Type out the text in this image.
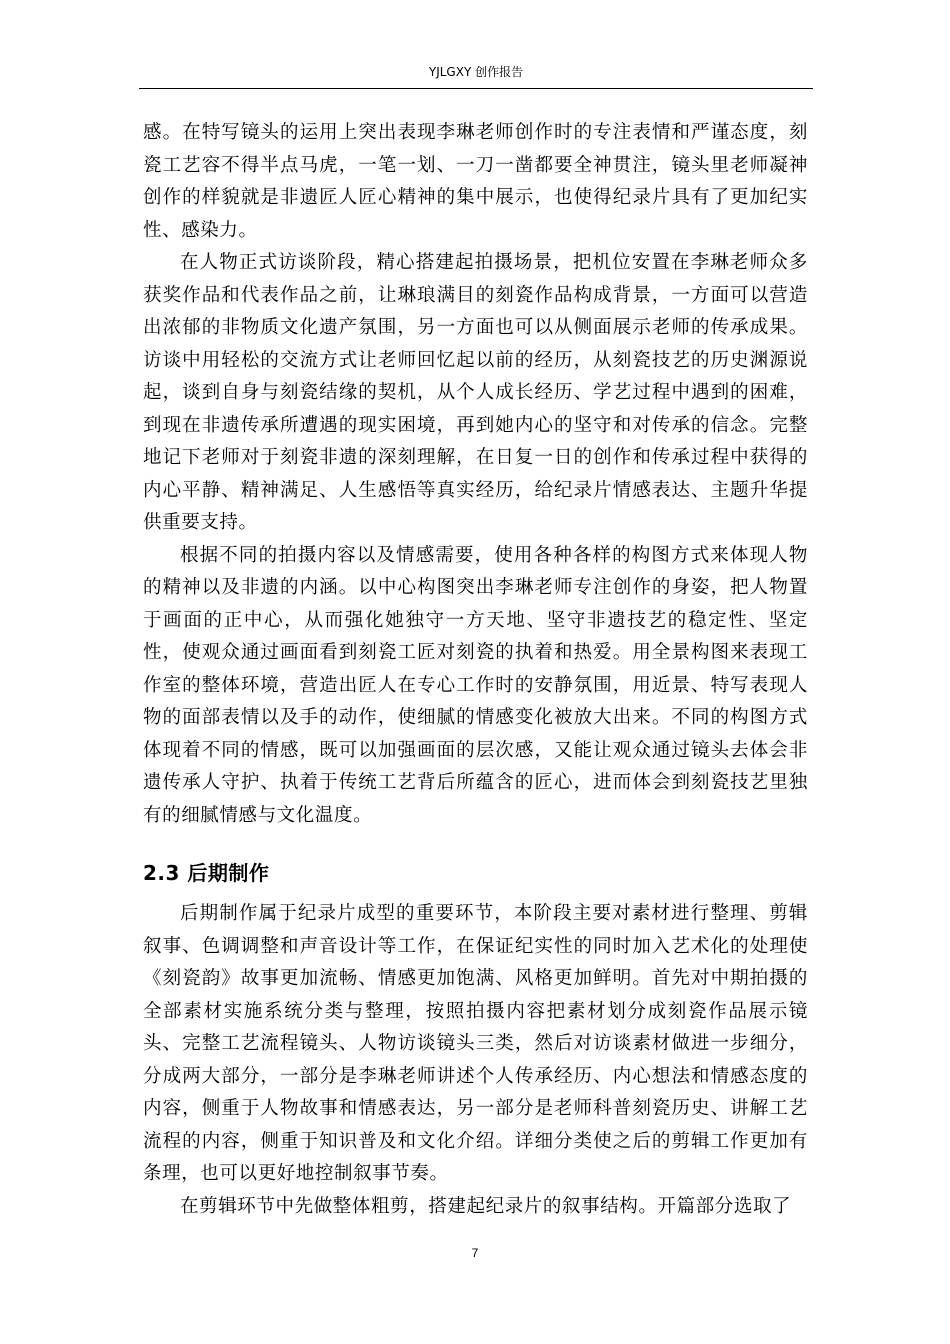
YJLGXY 创作报告

感。在特写镜头的运用上突出表现李琳老师创作时的专注表情和严谨态度，刻瓷工艺容不得半点马虎，一笔一划、一刀一凿都要全神贯注，镜头里老师凝神创作的样貌就是非遗匠人匠心精神的集中展示，也使得纪录片具有了更加纪实性、感染力。

在人物正式访谈阶段，精心搭建起拍摄场景，把机位安置在李琳老师众多获奖作品和代表作品之前，让琳琅满目的刻瓷作品构成背景，一方面可以营造出浓郁的非物质文化遗产氛围，另一方面也可以从侧面展示老师的传承成果。访谈中用轻松的交流方式让老师回忆起以前的经历，从刻瓷技艺的历史渊源说起，谈到自身与刻瓷结缘的契机，从个人成长经历、学艺过程中遇到的困难，到现在非遗传承所遭遇的现实困境，再到她内心的坚守和对传承的信念。完整地记下老师对于刻瓷非遗的深刻理解，在日复一日的创作和传承过程中获得的内心平静、精神满足、人生感悟等真实经历，给纪录片情感表达、主题升华提供重要支持。

根据不同的拍摄内容以及情感需要，使用各种各样的构图方式来体现人物的精神以及非遗的内涵。以中心构图突出李琳老师专注创作的身姿，把人物置于画面的正中心，从而强化她独守一方天地、坚守非遗技艺的稳定性、坚定性，使观众通过画面看到刻瓷工匠对刻瓷的执着和热爱。用全景构图来表现工作室的整体环境，营造出匠人在专心工作时的安静氛围，用近景、特写表现人物的面部表情以及手的动作，使细腻的情感变化被放大出来。不同的构图方式体现着不同的情感，既可以加强画面的层次感，又能让观众通过镜头去体会非遗传承人守护、执着于传统工艺背后所蕴含的匠心，进而体会到刻瓷技艺里独有的细腻情感与文化温度。

2.3 后期制作

后期制作属于纪录片成型的重要环节，本阶段主要对素材进行整理、剪辑叙事、色调调整和声音设计等工作，在保证纪实性的同时加入艺术化的处理使《刻瓷韵》故事更加流畅、情感更加饱满、风格更加鲜明。首先对中期拍摄的全部素材实施系统分类与整理，按照拍摄内容把素材划分成刻瓷作品展示镜头、完整工艺流程镜头、人物访谈镜头三类，然后对访谈素材做进一步细分，分成两大部分，一部分是李琳老师讲述个人传承经历、内心想法和情感态度的内容，侧重于人物故事和情感表达，另一部分是老师科普刻瓷历史、讲解工艺流程的内容，侧重于知识普及和文化介绍。详细分类使之后的剪辑工作更加有条理，也可以更好地控制叙事节奏。

在剪辑环节中先做整体粗剪，搭建起纪录片的叙事结构。开篇部分选取了

7
